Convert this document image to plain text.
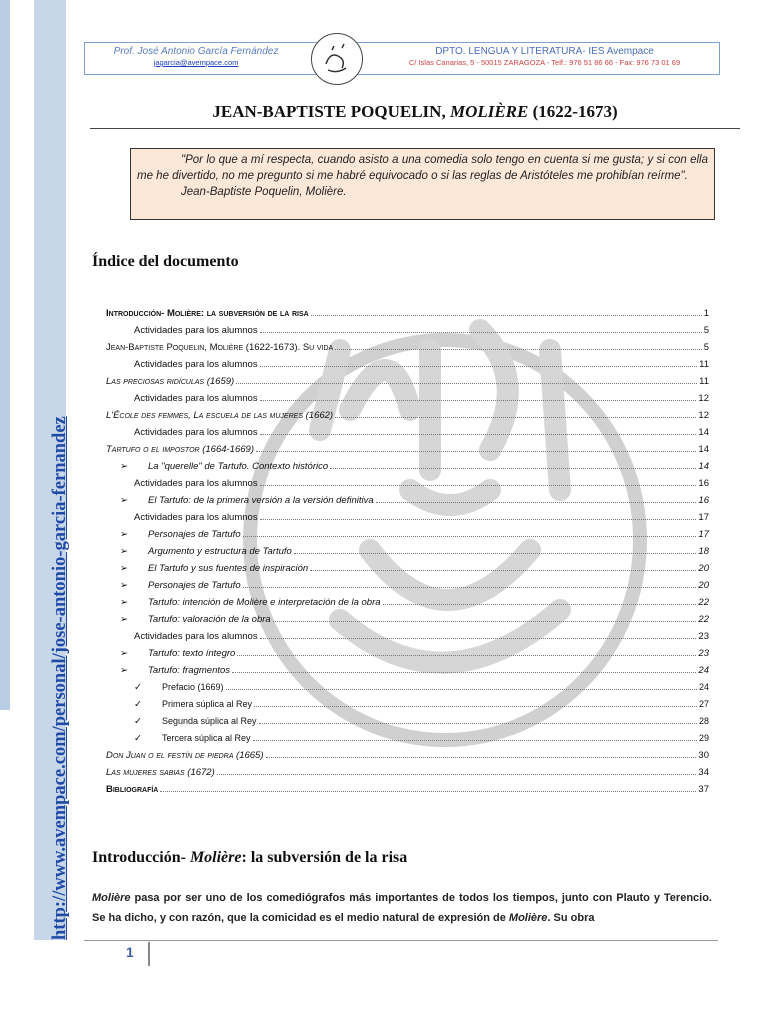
http://www.avempace.com/personal/jose-antonio-garcia-fernandez
Prof. José Antonio García Fernández
jagarcia@avempace.com
DPTO. LENGUA Y LITERATURA- IES Avempace
C/ Islas Canarias, 5 - 50015 ZARAGOZA - Telf.: 976 51 86 66 - Fax: 976 73 01 69
JEAN-BAPTISTE POQUELIN, MOLIÈRE (1622-1673)

"Por lo que a mí respecta, cuando asisto a una comedia solo tengo en cuenta si me gusta; y si con ella me he divertido, no me pregunto si me habré equivocado o si las reglas de Aristóteles me prohibían reírme".

Jean-Baptiste Poquelin, Molière.

Índice del documento
Introducción- Molière: la subversión de la risa	1
Actividades para los alumnos	5
Jean-Baptiste Poquelin, Molière (1622-1673). Su vida	5
Actividades para los alumnos	11
Las preciosas ridículas (1659)	11
Actividades para los alumnos	12
L'École des femmes, La escuela de las mujeres (1662)	12
Actividades para los alumnos	14
Tartufo o el impostor (1664-1669)	14
➢ La "querelle" de Tartufo. Contexto histórico	14
Actividades para los alumnos	16
➢ El Tartufo: de la primera versión a la versión definitiva	16
Actividades para los alumnos	17
➢ Personajes de Tartufo	17
➢ Argumento y estructura de Tartufo	18
➢ El Tartufo y sus fuentes de inspiración	20
➢ Personajes de Tartufo	20
➢ Tartufo: intención de Molière e interpretación de la obra	22
➢ Tartufo: valoración de la obra	22
Actividades para los alumnos	23
➢ Tartufo: texto íntegro	23
➢ Tartufo: fragmentos	24
✓ Prefacio (1669)	24
✓ Primera súplica al Rey	27
✓ Segunda súplica al Rey	28
✓ Tercera súplica al Rey	29
Don Juan o el festín de piedra (1665)	30
Las mujeres sabias (1672)	34
Bibliografía	37
Introducción- Molière: la subversión de la risa
Molière pasa por ser uno de los comediógrafos más importantes de todos los tiempos, junto con Plauto y Terencio. Se ha dicho, y con razón, que la comicidad es el medio natural de expresión de Molière. Su obra
1
